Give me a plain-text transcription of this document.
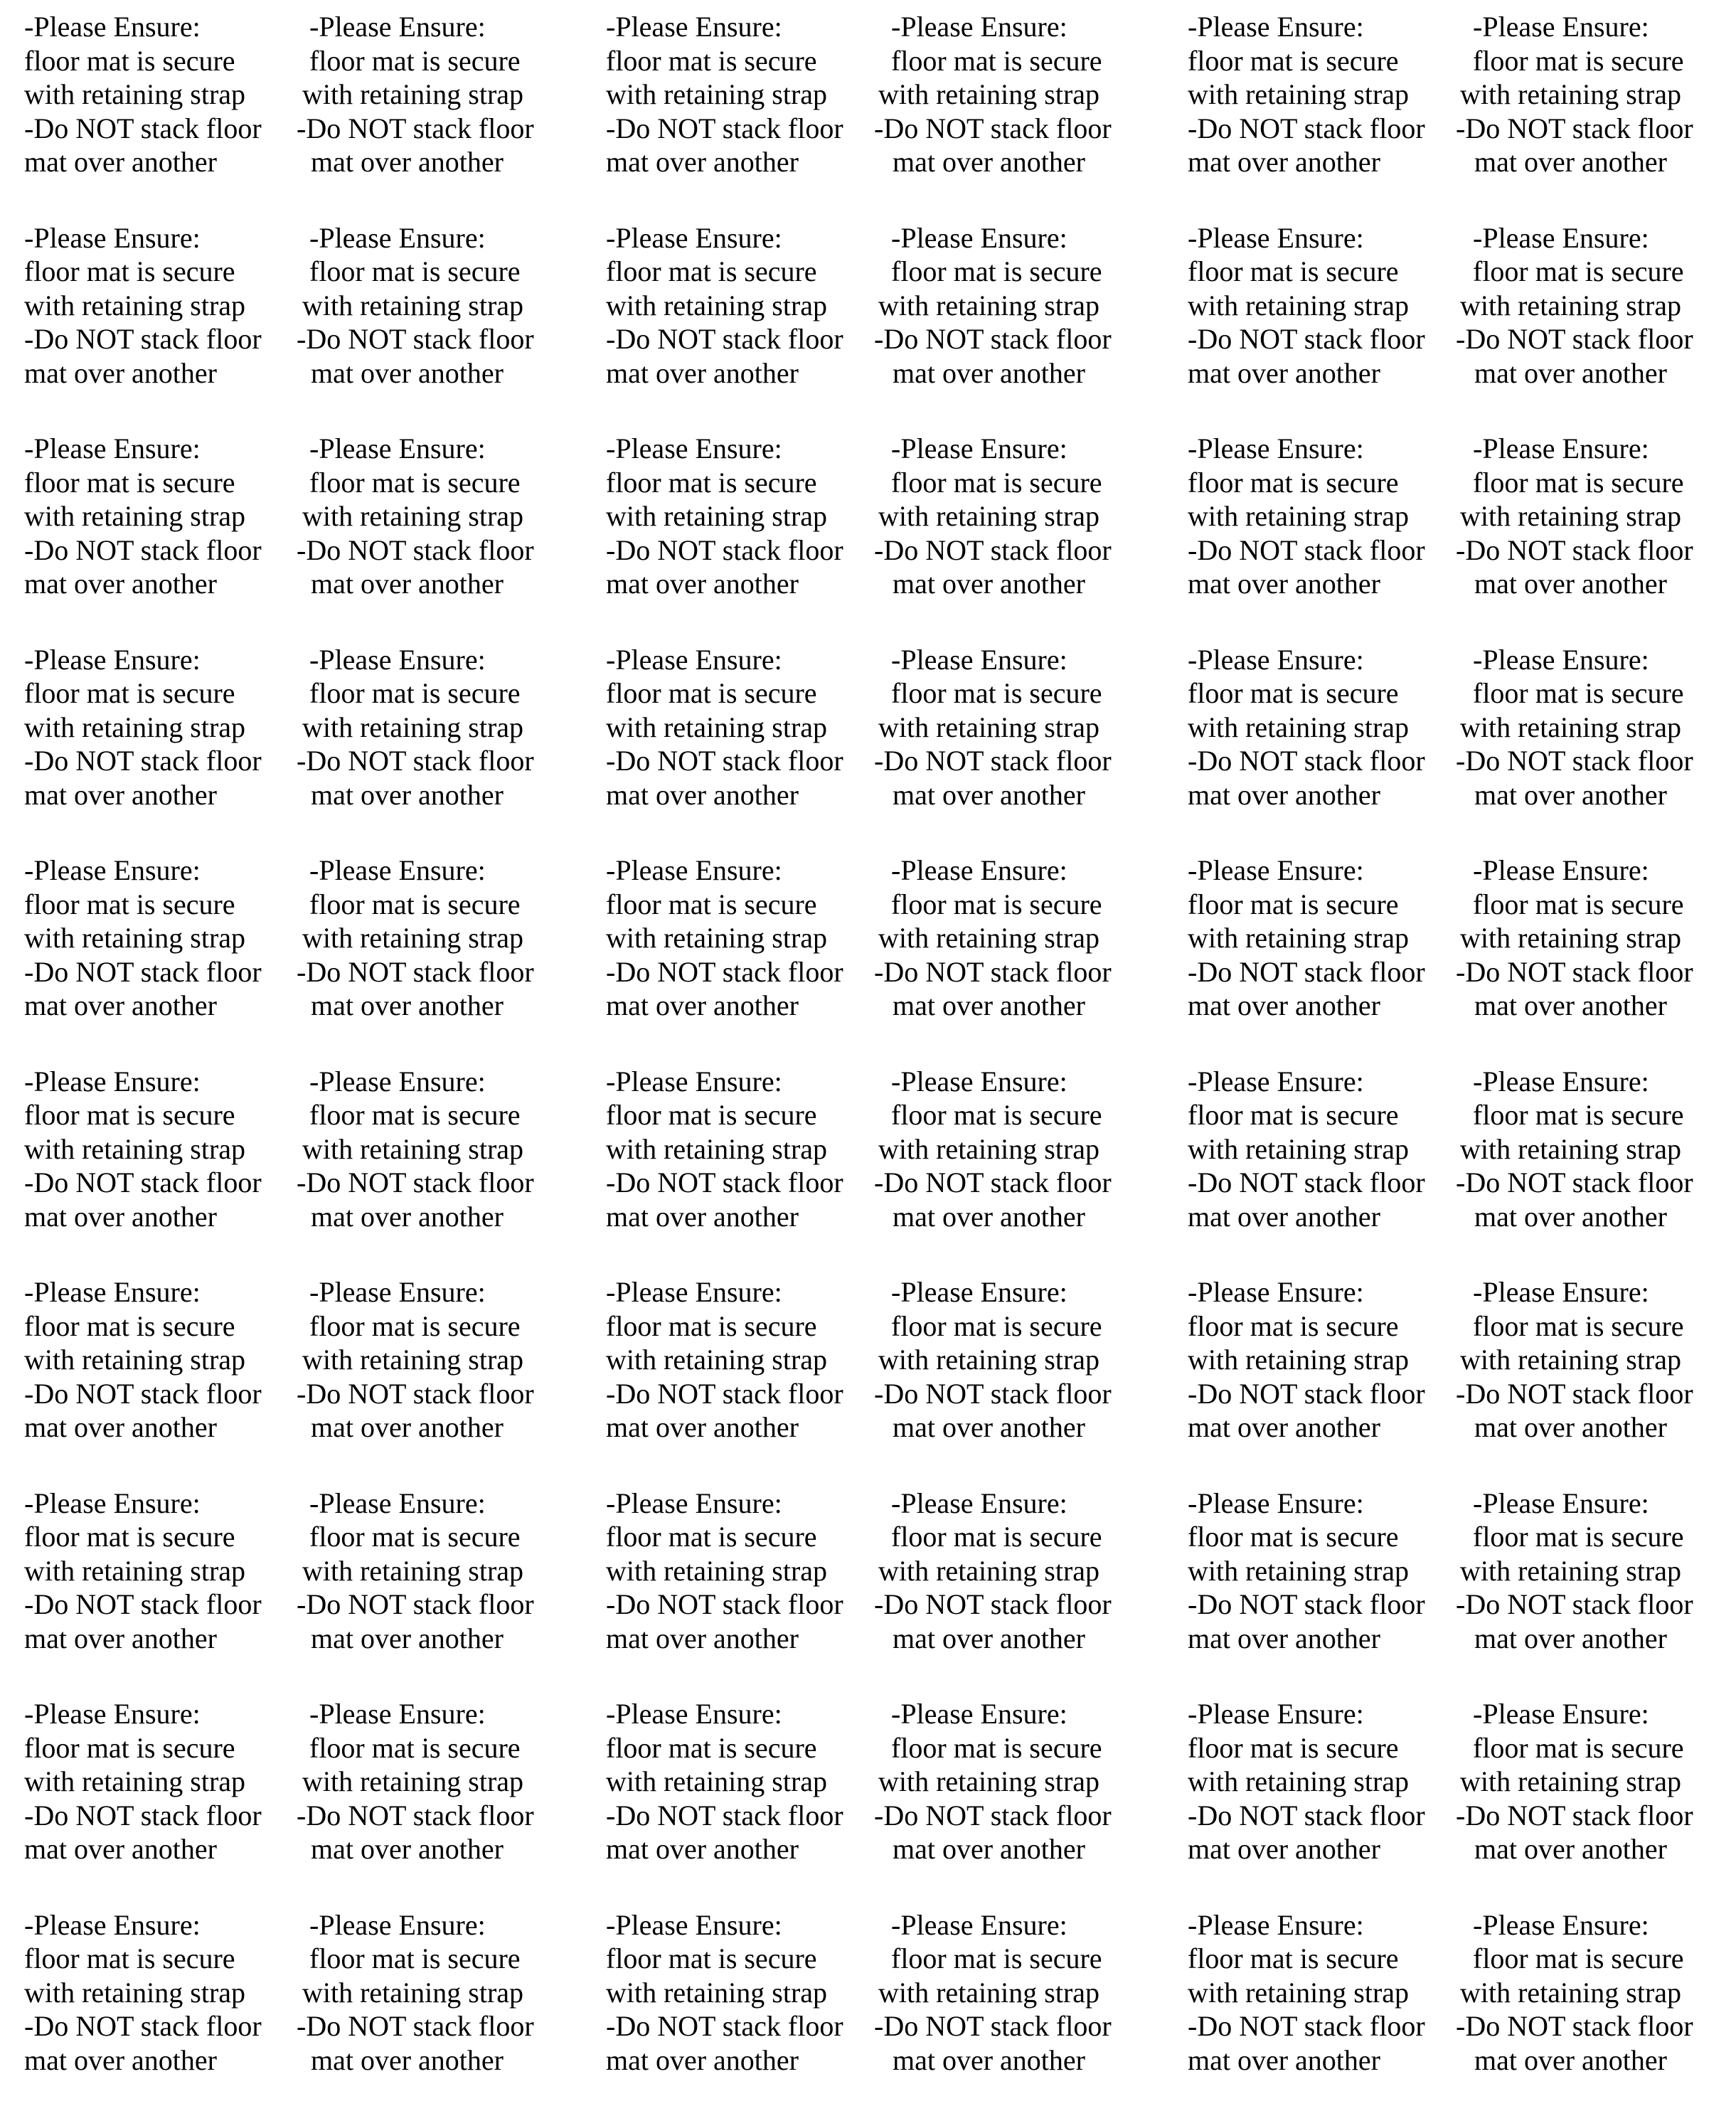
-Please Ensure:
floor mat is secure
with retaining strap
-Do NOT stack floor
mat over another
-Please Ensure:
floor mat is secure
with retaining strap
-Do NOT stack floor
mat over another
-Please Ensure:
floor mat is secure
with retaining strap
-Do NOT stack floor
mat over another
-Please Ensure:
floor mat is secure
with retaining strap
-Do NOT stack floor
mat over another
-Please Ensure:
floor mat is secure
with retaining strap
-Do NOT stack floor
mat over another
-Please Ensure:
floor mat is secure
with retaining strap
-Do NOT stack floor
mat over another
-Please Ensure:
floor mat is secure
with retaining strap
-Do NOT stack floor
mat over another
-Please Ensure:
floor mat is secure
with retaining strap
-Do NOT stack floor
mat over another
-Please Ensure:
floor mat is secure
with retaining strap
-Do NOT stack floor
mat over another
-Please Ensure:
floor mat is secure
with retaining strap
-Do NOT stack floor
mat over another
-Please Ensure:
floor mat is secure
with retaining strap
-Do NOT stack floor
mat over another
-Please Ensure:
floor mat is secure
with retaining strap
-Do NOT stack floor
mat over another
-Please Ensure:
floor mat is secure
with retaining strap
-Do NOT stack floor
mat over another
-Please Ensure:
floor mat is secure
with retaining strap
-Do NOT stack floor
mat over another
-Please Ensure:
floor mat is secure
with retaining strap
-Do NOT stack floor
mat over another
-Please Ensure:
floor mat is secure
with retaining strap
-Do NOT stack floor
mat over another
-Please Ensure:
floor mat is secure
with retaining strap
-Do NOT stack floor
mat over another
-Please Ensure:
floor mat is secure
with retaining strap
-Do NOT stack floor
mat over another
-Please Ensure:
floor mat is secure
with retaining strap
-Do NOT stack floor
mat over another
-Please Ensure:
floor mat is secure
with retaining strap
-Do NOT stack floor
mat over another
-Please Ensure:
floor mat is secure
with retaining strap
-Do NOT stack floor
mat over another
-Please Ensure:
floor mat is secure
with retaining strap
-Do NOT stack floor
mat over another
-Please Ensure:
floor mat is secure
with retaining strap
-Do NOT stack floor
mat over another
-Please Ensure:
floor mat is secure
with retaining strap
-Do NOT stack floor
mat over another
-Please Ensure:
floor mat is secure
with retaining strap
-Do NOT stack floor
mat over another
-Please Ensure:
floor mat is secure
with retaining strap
-Do NOT stack floor
mat over another
-Please Ensure:
floor mat is secure
with retaining strap
-Do NOT stack floor
mat over another
-Please Ensure:
floor mat is secure
with retaining strap
-Do NOT stack floor
mat over another
-Please Ensure:
floor mat is secure
with retaining strap
-Do NOT stack floor
mat over another
-Please Ensure:
floor mat is secure
with retaining strap
-Do NOT stack floor
mat over another
-Please Ensure:
floor mat is secure
with retaining strap
-Do NOT stack floor
mat over another
-Please Ensure:
floor mat is secure
with retaining strap
-Do NOT stack floor
mat over another
-Please Ensure:
floor mat is secure
with retaining strap
-Do NOT stack floor
mat over another
-Please Ensure:
floor mat is secure
with retaining strap
-Do NOT stack floor
mat over another
-Please Ensure:
floor mat is secure
with retaining strap
-Do NOT stack floor
mat over another
-Please Ensure:
floor mat is secure
with retaining strap
-Do NOT stack floor
mat over another
-Please Ensure:
floor mat is secure
with retaining strap
-Do NOT stack floor
mat over another
-Please Ensure:
floor mat is secure
with retaining strap
-Do NOT stack floor
mat over another
-Please Ensure:
floor mat is secure
with retaining strap
-Do NOT stack floor
mat over another
-Please Ensure:
floor mat is secure
with retaining strap
-Do NOT stack floor
mat over another
-Please Ensure:
floor mat is secure
with retaining strap
-Do NOT stack floor
mat over another
-Please Ensure:
floor mat is secure
with retaining strap
-Do NOT stack floor
mat over another
-Please Ensure:
floor mat is secure
with retaining strap
-Do NOT stack floor
mat over another
-Please Ensure:
floor mat is secure
with retaining strap
-Do NOT stack floor
mat over another
-Please Ensure:
floor mat is secure
with retaining strap
-Do NOT stack floor
mat over another
-Please Ensure:
floor mat is secure
with retaining strap
-Do NOT stack floor
mat over another
-Please Ensure:
floor mat is secure
with retaining strap
-Do NOT stack floor
mat over another
-Please Ensure:
floor mat is secure
with retaining strap
-Do NOT stack floor
mat over another
-Please Ensure:
floor mat is secure
with retaining strap
-Do NOT stack floor
mat over another
-Please Ensure:
floor mat is secure
with retaining strap
-Do NOT stack floor
mat over another
-Please Ensure:
floor mat is secure
with retaining strap
-Do NOT stack floor
mat over another
-Please Ensure:
floor mat is secure
with retaining strap
-Do NOT stack floor
mat over another
-Please Ensure:
floor mat is secure
with retaining strap
-Do NOT stack floor
mat over another
-Please Ensure:
floor mat is secure
with retaining strap
-Do NOT stack floor
mat over another
-Please Ensure:
floor mat is secure
with retaining strap
-Do NOT stack floor
mat over another
-Please Ensure:
floor mat is secure
with retaining strap
-Do NOT stack floor
mat over another
-Please Ensure:
floor mat is secure
with retaining strap
-Do NOT stack floor
mat over another
-Please Ensure:
floor mat is secure
with retaining strap
-Do NOT stack floor
mat over another
-Please Ensure:
floor mat is secure
with retaining strap
-Do NOT stack floor
mat over another
-Please Ensure:
floor mat is secure
with retaining strap
-Do NOT stack floor
mat over another
